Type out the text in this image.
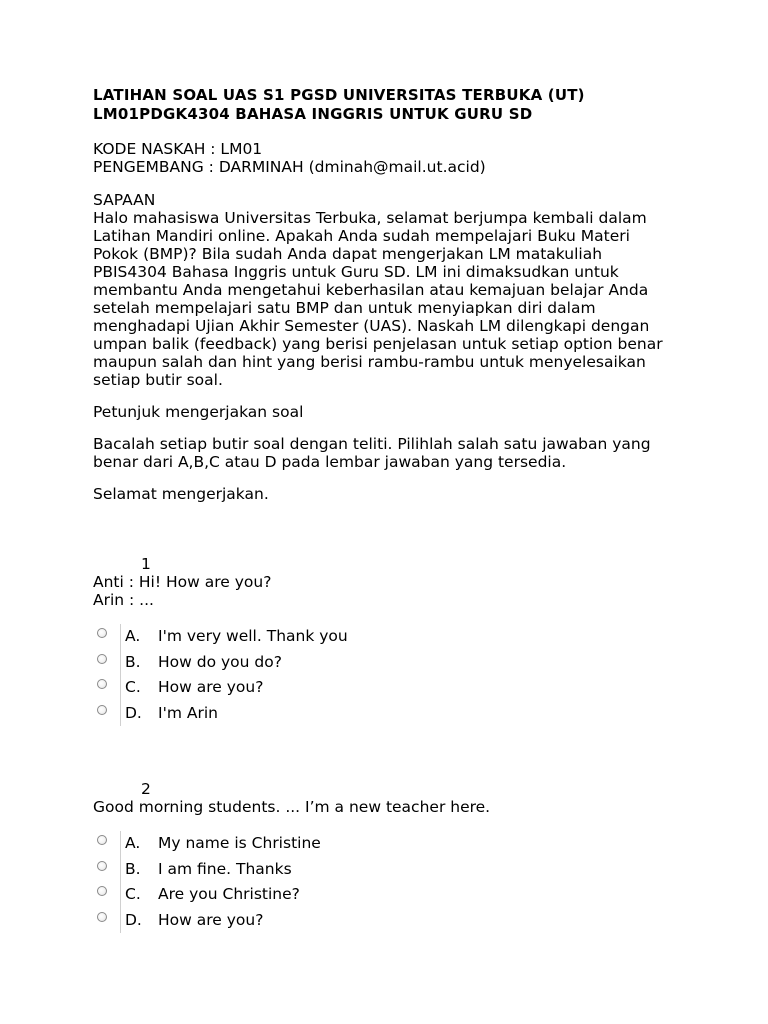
LATIHAN SOAL UAS S1 PGSD UNIVERSITAS TERBUKA (UT)
LM01PDGK4304 BAHASA INGGRIS UNTUK GURU SD
KODE NASKAH : LM01
PENGEMBANG : DARMINAH (dminah@mail.ut.acid)
SAPAAN
Halo mahasiswa Universitas Terbuka, selamat berjumpa kembali dalam
Latihan Mandiri online. Apakah Anda sudah mempelajari Buku Materi
Pokok (BMP)? Bila sudah Anda dapat mengerjakan LM matakuliah
PBIS4304 Bahasa Inggris untuk Guru SD. LM ini dimaksudkan untuk
membantu Anda mengetahui keberhasilan atau kemajuan belajar Anda
setelah mempelajari satu BMP dan untuk menyiapkan diri dalam
menghadapi Ujian Akhir Semester (UAS). Naskah LM dilengkapi dengan
umpan balik (feedback) yang berisi penjelasan untuk setiap option benar
maupun salah dan hint yang berisi rambu-rambu untuk menyelesaikan
setiap butir soal.
Petunjuk mengerjakan soal
Bacalah setiap butir soal dengan teliti. Pilihlah salah satu jawaban yang
benar dari A,B,C atau D pada lembar jawaban yang tersedia.
Selamat mengerjakan.
1
Anti : Hi! How are you?
Arin : ...
A. I'm very well. Thank you
B. How do you do?
C. How are you?
D. I'm Arin
2
Good morning students. ... I’m a new teacher here.
A. My name is Christine
B. I am fine. Thanks
C. Are you Christine?
D. How are you?
